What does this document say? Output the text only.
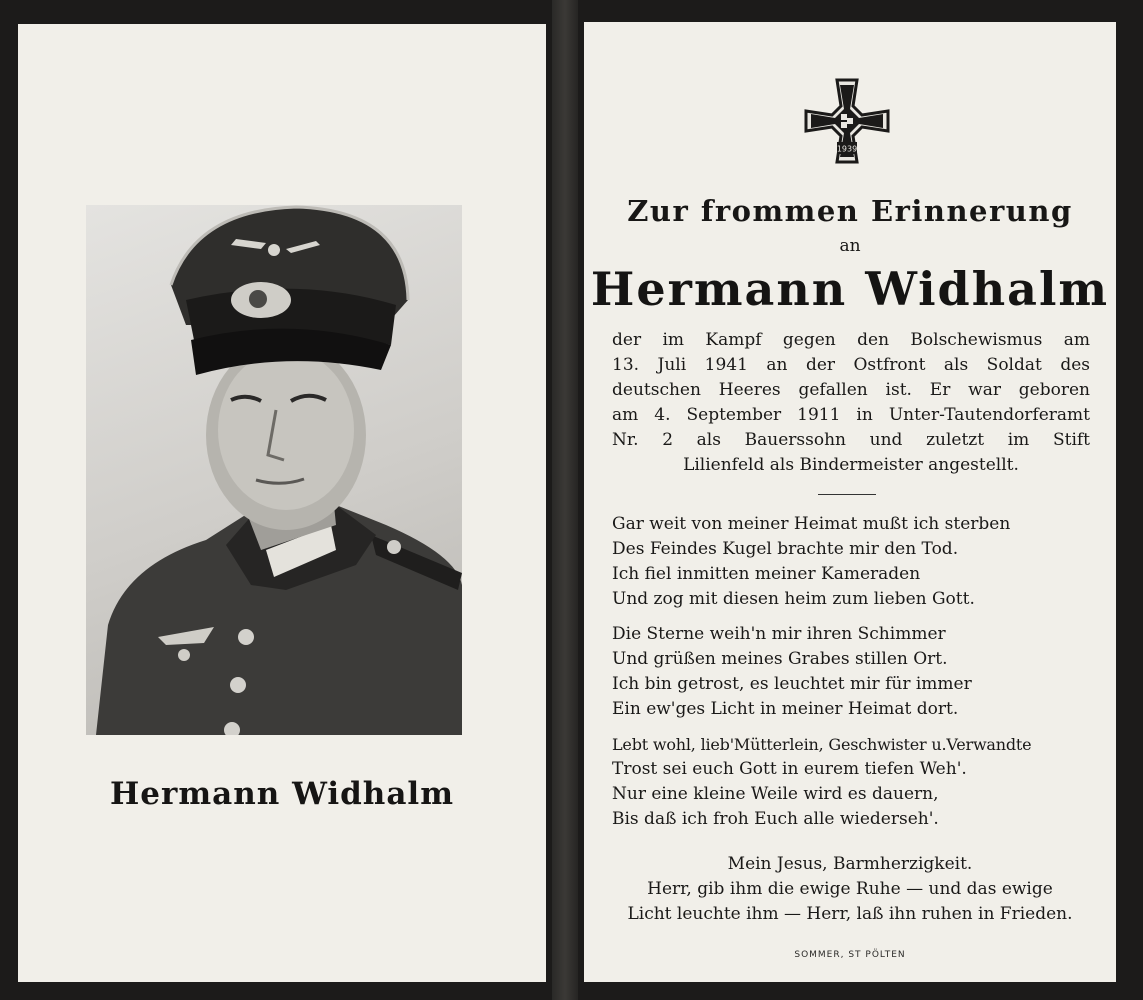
Hermann Widhalm
1939
Zur frommen Erinnerung
an
Hermann Widhalm
der im Kampf gegen den Bolschewismus am
13. Juli 1941 an der Ostfront als Soldat des
deutschen Heeres gefallen ist. Er war geboren
am 4. September 1911 in Unter-Tautendorferamt
Nr. 2 als Bauerssohn und zuletzt im Stift
Lilienfeld als Bindermeister angestellt.
Gar weit von meiner Heimat mußt ich sterben
Des Feindes Kugel brachte mir den Tod.
Ich fiel inmitten meiner Kameraden
Und zog mit diesen heim zum lieben Gott.
Die Sterne weih'n mir ihren Schimmer
Und grüßen meines Grabes stillen Ort.
Ich bin getrost, es leuchtet mir für immer
Ein ew'ges Licht in meiner Heimat dort.
Lebt wohl, lieb'Mütterlein, Geschwister u.Verwandte
Trost sei euch Gott in eurem tiefen Weh'.
Nur eine kleine Weile wird es dauern,
Bis daß ich froh Euch alle wiederseh'.
Mein Jesus, Barmherzigkeit.
Herr, gib ihm die ewige Ruhe — und das ewige
Licht leuchte ihm — Herr, laß ihn ruhen in Frieden.
SOMMER, ST PÖLTEN
